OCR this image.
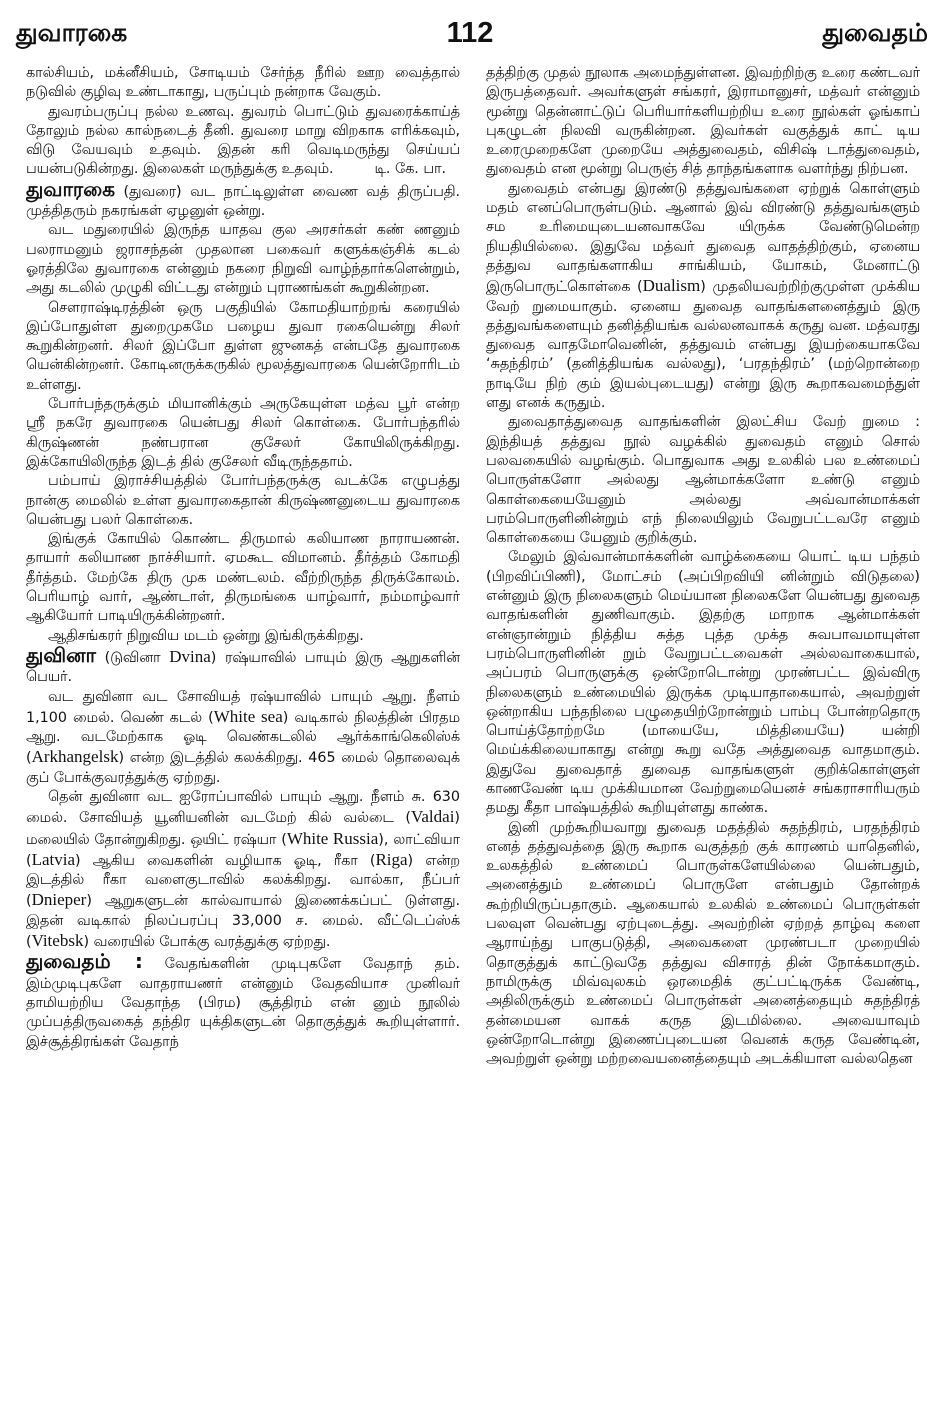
துவாரகை	112	துவைதம்

கால்சியம், மக்னீசியம், சோடியம் சேர்ந்த நீரில் ஊற வைத்தால் நடுவில் குழிவு உண்டாகாது, பருப்பும் நன்றாக வேகும்.

துவரம்பருப்பு நல்ல உணவு. துவரம் பொட்டும் துவரைக்காய்த் தோலும் நல்ல கால்நடைத் தீனி. துவரை மாறு விறகாக எரிக்கவும், விடு வேயவும் உதவும். இதன் கரி வெடிமருந்து செய்யப் பயன்படுகின்றது. இலைகள் மருந்துக்கு உதவும்.	டி. கே. பா.

துவாரகை (துவரை) வட நாட்டிலுள்ள வைண வத் திருப்பதி. முத்திதரும் நகரங்கள் ஏழனுள் ஒன்று.

வட மதுரையில் இருந்த யாதவ குல அரசர்கள் கண் ணனும் பலராமனும் ஜராசந்தன் முதலான பகைவர் களுக்கஞ்சிக் கடல் ஓரத்திலே துவாரகை என்னும் நகரை நிறுவி வாழ்ந்தார்களென்றும், அது கடலில் முழுகி விட்டது என்றும் புராணங்கள் கூறுகின்றன.

சௌராஷ்டிரத்தின் ஒரு பகுதியில் கோமதியாற்றங் கரையில் இப்போதுள்ள துறைமுகமே பழைய துவா ரகையென்று சிலர் கூறுகின்றனர். சிலர் இப்போ துள்ள ஜுனகத் என்பதே துவாரகை யென்கின்றனர். கோடினருக்கருகில் மூலத்துவாரகை யென்றோரிடம் உள்ளது.

போர்பந்தருக்கும் மியானிக்கும் அருகேயுள்ள மத்வ பூர் என்ற ஸ்ரீ நகரே துவாரகை யென்பது சிலர் கொள்கை. போர்பந்தரில் கிருஷ்ணன் நண்பரான குசேலர் கோயிலிருக்கிறது. இக்கோயிலிருந்த இடத் தில் குசேலர் வீடிருந்ததாம்.

பம்பாய் இராச்சியத்தில் போர்பந்தருக்கு வடக்கே எழுபத்து நான்கு மைலில் உள்ள துவாரகைதான் கிருஷ்ணனுடைய துவாரகை யென்பது பலர் கொள்கை.

இங்குக் கோயில் கொண்ட திருமால் கலியாண நாராயணன். தாயார் கலியாண நாச்சியார். ஏமகூட விமானம். தீர்த்தம் கோமதி தீர்த்தம். மேற்கே திரு முக மண்டலம். வீற்றிருந்த திருக்கோலம். பெரியாழ் வார், ஆண்டாள், திருமங்கை யாழ்வார், நம்மாழ்வார் ஆகியோர் பாடியிருக்கின்றனர்.

ஆதிசங்கரர் நிறுவிய மடம் ஒன்று இங்கிருக்கிறது.

துவினா (டுவினா Dvina) ரஷ்யாவில் பாயும் இரு ஆறுகளின் பெயர்.

வட துவினா வட சோவியத் ரஷ்யாவில் பாயும் ஆறு. நீளம் 1,100 மைல். வெண் கடல் (White sea) வடிகால் நிலத்தின் பிரதம ஆறு. வடமேற்காக ஓடி வெண்கடலில் ஆர்க்காங்கெலிஸ்க் (Arkhangelsk) என்ற இடத்தில் கலக்கிறது. 465 மைல் தொலைவுக் குப் போக்குவரத்துக்கு ஏற்றது.

தென் துவினா வட ஐரோப்பாவில் பாயும் ஆறு. நீளம் சு. 630 மைல். சோவியத் யூனியனின் வடமேற் கில் வல்டை (Valdai) மலையில் தோன்றுகிறது. ஒயிட் ரஷ்யா (White Russia), லாட்வியா (Latvia) ஆகிய வைகளின் வழியாக ஓடி, ரீகா (Riga) என்ற இடத்தில் ரீகா வளைகுடாவில் கலக்கிறது. வால்கா, நீப்பர் (Dnieper) ஆறுகளுடன் கால்வாயால் இணைக்கப்பட் டுள்ளது. இதன் வடிகால் நிலப்பரப்பு 33,000 ச. மைல். வீட்டெப்ஸ்க் (Vitebsk) வரையில் போக்கு வரத்துக்கு ஏற்றது.

துவைதம் : வேதங்களின் முடிபுகளே வேதாந் தம். இம்முடிபுகளே வாதராயணர் என்னும் வேதவியாச முனிவர் தாமியற்றிய வேதாந்த (பிரம) சூத்திரம் என் னும் நூலில் முப்பத்திருவகைத் தந்திர யுக்திகளுடன் தொகுத்துக் கூறியுள்ளார். இச்சூத்திரங்கள் வேதாந்

தத்திற்கு முதல் நூலாக அமைந்துள்ளன. இவற்றிற்கு உரை கண்டவர் இருபத்தைவர். அவர்களுள் சங்கரர், இராமானுசர், மத்வர் என்னும் மூன்று தென்னாட்டுப் பெரியார்களியற்றிய உரை நூல்கள் ஓங்காப் புகழுடன் நிலவி வருகின்றன. இவர்கள் வகுத்துக் காட் டிய உரைமுறைகளே முறையே அத்துவைதம், விசிஷ் டாத்துவைதம், துவைதம் என மூன்று பெருஞ் சித் தாந்தங்களாக வளர்ந்து நிற்பன.

துவைதம் என்பது இரண்டு தத்துவங்களை ஏற்றுக் கொள்ளும் மதம் எனப்பொருள்படும். ஆனால் இவ் விரண்டு தத்துவங்களும் சம உரிமையுடையனவாகவே யிருக்க வேண்டுமென்ற நியதியில்லை. இதுவே மத்வர் துவைத வாதத்திற்கும், ஏனைய தத்துவ வாதங்களாகிய சாங்கியம், யோகம், மேனாட்டு இருபொருட்கொள்கை (Dualism) முதலியவற்றிற்குமுள்ள முக்கிய வேற் றுமையாகும். ஏனைய துவைத வாதங்களனைத்தும் இரு தத்துவங்களையும் தனித்தியங்க வல்லனவாகக் கருது வன. மத்வரது துவைத வாதமோவெனின், தத்துவம் என்பது இயற்கையாகவே ‘சுதந்திரம்’ (தனித்தியங்க வல்லது), ‘பரதந்திரம்’ (மற்றொன்றை நாடியே நிற் கும் இயல்புடையது) என்று இரு கூறாகவமைந்துள் ளது எனக் கருதும்.

துவைதாத்துவைத வாதங்களின் இலட்சிய வேற் றுமை : இந்தியத் தத்துவ நூல் வழக்கில் துவைதம் எனும் சொல் பலவகையில் வழங்கும். பொதுவாக அது உலகில் பல உண்மைப் பொருள்களோ அல்லது ஆன்மாக்களோ உண்டு எனும் கொள்கையையேனும் அல்லது அவ்வான்மாக்கள் பரம்பொருளினின்றும் எந் நிலையிலும் வேறுபட்டவரே எனும் கொள்கையை யேனும் குறிக்கும்.

மேலும் இவ்வான்மாக்களின் வாழ்க்கையை யொட் டிய பந்தம் (பிறவிப்பிணி), மோட்சம் (அப்பிறவியி னின்றும் விடுதலை) என்னும் இரு நிலைகளும் மெய்யான நிலைகளே யென்பது துவைத வாதங்களின் துணிவாகும். இதற்கு மாறாக ஆன்மாக்கள் என்ஞான்றும் நித்திய சுத்த புத்த முக்த சுவபாவமாயுள்ள பரம்பொருளினின் றும் வேறுபட்டவைகள் அல்லவாகையால், அப்பரம் பொருளுக்கு ஒன்றோடொன்று முரண்பட்ட இவ்விரு நிலைகளும் உண்மையில் இருக்க முடியாதாகையால், அவற்றுள் ஒன்றாகிய பந்தநிலை பழுதையிற்றோன்றும் பாம்பு போன்றதொரு பொய்த்தோற்றமே (மாயையே, மித்தியையே) யன்றி மெய்க்கிலையாகாது என்று கூறு வதே அத்துவைத வாதமாகும். இதுவே துவைதாத் துவைத வாதங்களுள் குறிக்கொள்ளுள் காணவேண் டிய முக்கியமான வேற்றுமையெனச் சங்கராசாரியரும் தமது கீதா பாஷ்யத்தில் கூறியுள்ளது காண்க.

இனி முற்கூறியவாறு துவைத மதத்தில் சுதந்திரம், பரதந்திரம் எனத் தத்துவத்தை இரு கூறாக வகுத்தற் குக் காரணம் யாதெனில், உலகத்தில் உண்மைப் பொருள்களேயில்லை யென்பதும், அனைத்தும் உண்மைப் பொருளே என்பதும் தோன்றக் கூற்றியிருப்பதாகும். ஆகையால் உலகில் உண்மைப் பொருள்கள் பலவுள வென்பது ஏற்புடைத்து. அவற்றின் ஏற்றத் தாழ்வு களை ஆராய்ந்து பாகுபடுத்தி, அவைகளை முரண்படா முறையில் தொகுத்துக் காட்டுவதே தத்துவ விசாரத் தின் நோக்கமாகும். நாமிருக்கு மிவ்வுலகம் ஒரமைதிக் குட்பட்டிருக்க வேண்டி, அதிலிருக்கும் உண்மைப் பொருள்கள் அனைத்தையும் சுதந்திரத் தன்மையன வாகக் கருத இடமில்லை. அவையாவும் ஒன்றோடொன்று இணைப்புடையன வெனக் கருத வேண்டின், அவற்றுள் ஒன்று மற்றவையனைத்தையும் அடக்கியாள வல்லதென
